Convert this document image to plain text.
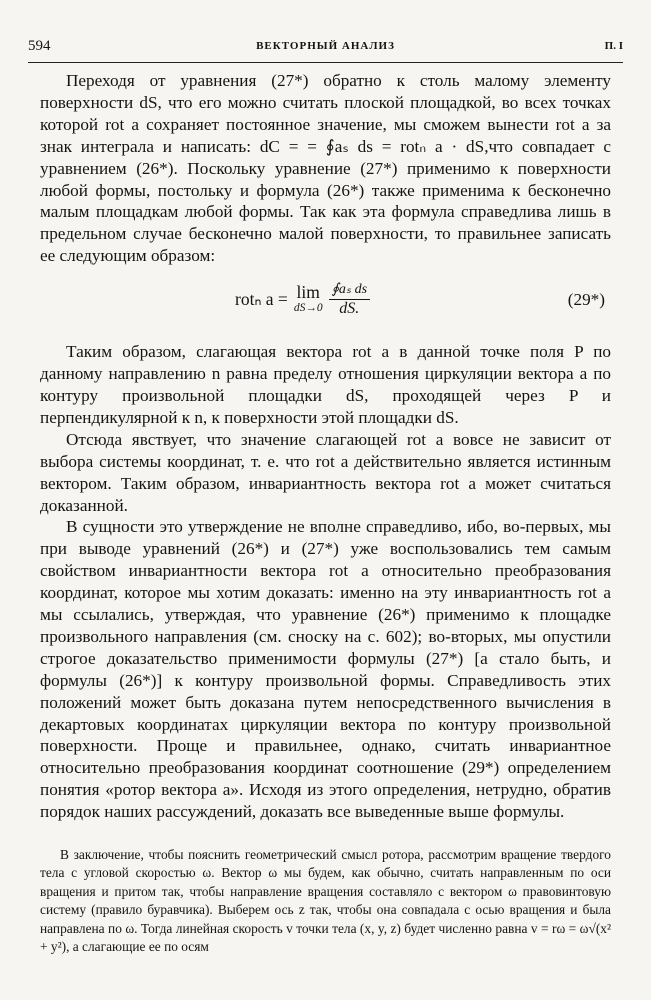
594	ВЕКТОРНЫЙ АНАЛИЗ	П. I

Переходя от уравнения (27*) обратно к столь малому элементу поверхности dS, что его можно считать плоской площадкой, во всех точках которой rot a сохраняет постоянное значение, мы сможем вынести rot a за знак интеграла и написать: dC = = ∮aₛ ds = rotₙ a · dS,что совпадает с уравнением (26*). Поскольку уравнение (27*) применимо к поверхности любой формы, постольку и формула (26*) также применима к бесконечно малым площадкам любой формы. Так как эта формула справедлива лишь в предельном случае бесконечно малой поверхности, то правильнее записать ее следующим образом:

rotₙ a = lim
$dS\to 0 \frac{\text{∮aₛ ds}}{dS.}$	(29*)

Таким образом, слагающая вектора rot a в данной точке поля P по данному направлению n равна пределу отношения циркуляции вектора a по контуру произвольной площадки dS, проходящей через P и перпендикулярной к n, к поверхности этой площадки dS.

Отсюда явствует, что значение слагающей rot a вовсе не зависит от выбора системы координат, т. е. что rot a действительно является истинным вектором. Таким образом, инвариантность вектора rot a может считаться доказанной.

В сущности это утверждение не вполне справедливо, ибо, во-первых, мы при выводе уравнений (26*) и (27*) уже воспользовались тем самым свойством инвариантности вектора rot a относительно преобразования координат, которое мы хотим доказать: именно на эту инвариантность rot a мы ссылались, утверждая, что уравнение (26*) применимо к площадке произвольного направления (см. сноску на с. 602); во-вторых, мы опустили строгое доказательство применимости формулы (27*) [а стало быть, и формулы (26*)] к контуру произвольной формы. Справедливость этих положений может быть доказана путем непосредственного вычисления в декартовых координатах циркуляции вектора по контуру произвольной поверхности. Проще и правильнее, однако, считать инвариантное относительно преобразования координат соотношение (29*) определением понятия «ротор вектора a». Исходя из этого определения, нетрудно, обратив порядок наших рассуждений, доказать все выведенные выше формулы.

В заключение, чтобы пояснить геометрический смысл ротора, рассмотрим вращение твердого тела с угловой скоростью ω. Вектор ω мы будем, как обычно, считать направленным по оси вращения и притом так, чтобы направление вращения составляло с вектором ω правовинтовую систему (правило буравчика). Выберем ось z так, чтобы она совпадала с осью вращения и была направлена по ω. Тогда линейная скорость v точки тела (x, y, z) будет численно равна v = rω = ω√(x² + y²), а слагающие ее по осям
